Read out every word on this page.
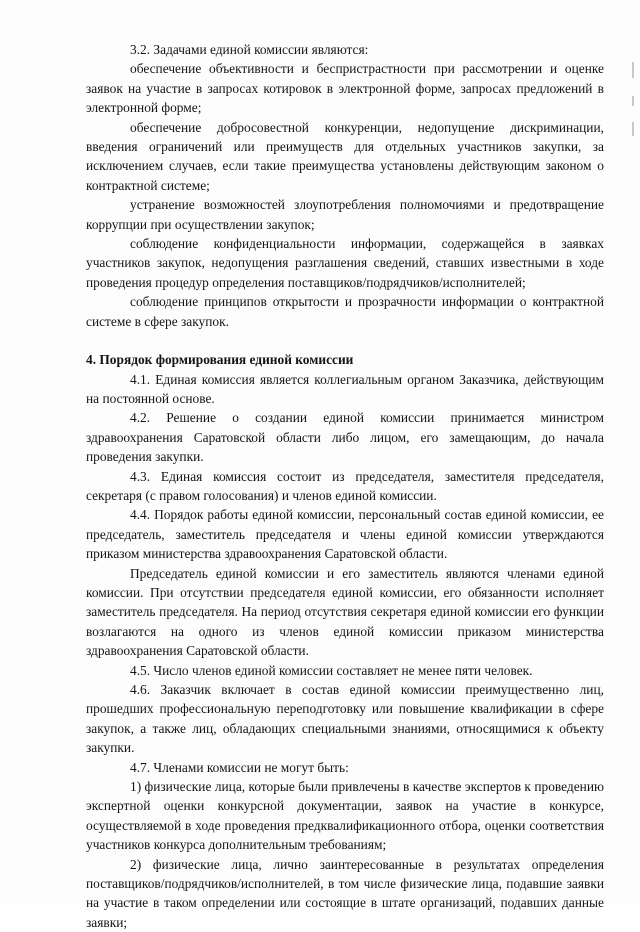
3.2. Задачами единой комиссии являются:

обеспечение объективности и беспристрастности при рассмотрении и оценке заявок на участие в запросах котировок в электронной форме, запросах предложений в электронной форме;

обеспечение добросовестной конкуренции, недопущение дискриминации, введения ограничений или преимуществ для отдельных участников закупки, за исключением случаев, если такие преимущества установлены действующим законом о контрактной системе;

устранение возможностей злоупотребления полномочиями и предотвращение коррупции при осуществлении закупок;

соблюдение конфиденциальности информации, содержащейся в заявках участников закупок, недопущения разглашения сведений, ставших известными в ходе проведения процедур определения поставщиков/подрядчиков/исполнителей;

соблюдение принципов открытости и прозрачности информации о контрактной системе в сфере закупок.

4. Порядок формирования единой комиссии

4.1. Единая комиссия является коллегиальным органом Заказчика, действующим на постоянной основе.

4.2. Решение о создании единой комиссии принимается министром здравоохранения Саратовской области либо лицом, его замещающим, до начала проведения закупки.

4.3. Единая комиссия состоит из председателя, заместителя председателя, секретаря (с правом голосования) и членов единой комиссии.

4.4. Порядок работы единой комиссии, персональный состав единой комиссии, ее председатель, заместитель председателя и члены единой комиссии утверждаются приказом министерства здравоохранения Саратовской области.

Председатель единой комиссии и его заместитель являются членами единой комиссии. При отсутствии председателя единой комиссии, его обязанности исполняет заместитель председателя. На период отсутствия секретаря единой комиссии его функции возлагаются на одного из членов единой комиссии приказом министерства здравоохранения Саратовской области.

4.5. Число членов единой комиссии составляет не менее пяти человек.

4.6. Заказчик включает в состав единой комиссии преимущественно лиц, прошедших профессиональную переподготовку или повышение квалификации в сфере закупок, а также лиц, обладающих специальными знаниями, относящимися к объекту закупки.

4.7. Членами комиссии не могут быть:

1) физические лица, которые были привлечены в качестве экспертов к проведению экспертной оценки конкурсной документации, заявок на участие в конкурсе, осуществляемой в ходе проведения предквалификационного отбора, оценки соответствия участников конкурса дополнительным требованиям;

2) физические лица, лично заинтересованные в результатах определения поставщиков/подрядчиков/исполнителей, в том числе физические лица, подавшие заявки на участие в таком определении или состоящие в штате организаций, подавших данные заявки;
